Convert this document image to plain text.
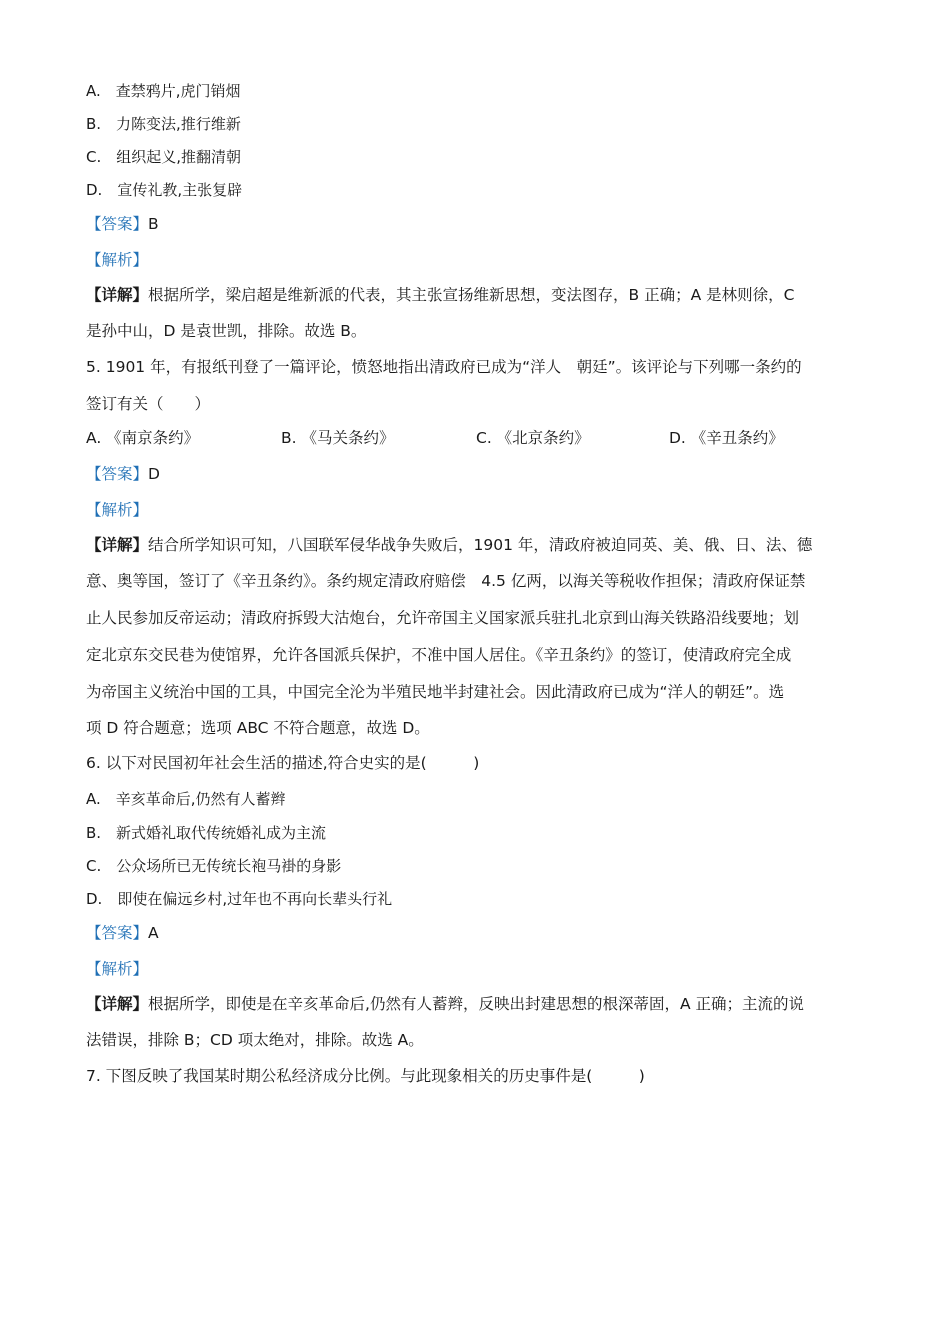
A.　查禁鸦片,虎门销烟
B.　力陈变法,推行维新
C.　组织起义,推翻清朝
D.　宣传礼教,主张复辟
【答案】B
【解析】
【详解】根据所学，梁启超是维新派的代表，其主张宣扬维新思想，变法图存，B 正确；A 是林则徐，C
是孙中山，D 是袁世凯，排除。故选 B。
5. 1901 年，有报纸刊登了一篇评论，愤怒地指出清政府已成为“洋人　朝廷”。该评论与下列哪一条约的
签订有关（　　）
A. 《南京条约》	B. 《马关条约》	C. 《北京条约》	D. 《辛丑条约》
【答案】D
【解析】
【详解】结合所学知识可知，八国联军侵华战争失败后，1901 年，清政府被迫同英、美、俄、日、法、德
意、奥等国，签订了《辛丑条约》。条约规定清政府赔偿　4.5 亿两，以海关等税收作担保；清政府保证禁
止人民参加反帝运动；清政府拆毁大沽炮台，允许帝国主义国家派兵驻扎北京到山海关铁路沿线要地；划
定北京东交民巷为使馆界，允许各国派兵保护，不准中国人居住。《辛丑条约》的签订，使清政府完全成
为帝国主义统治中国的工具，中国完全沦为半殖民地半封建社会。因此清政府已成为“洋人的朝廷”。选
项 D 符合题意；选项 ABC 不符合题意，故选 D。
6. 以下对民国初年社会生活的描述,符合史实的是(　　　)
A.　辛亥革命后,仍然有人蓄辫
B.　新式婚礼取代传统婚礼成为主流
C.　公众场所已无传统长袍马褂的身影
D.　即使在偏远乡村,过年也不再向长辈头行礼
【答案】A
【解析】
【详解】根据所学，即使是在辛亥革命后,仍然有人蓄辫，反映出封建思想的根深蒂固，A 正确；主流的说
法错误，排除 B；CD 项太绝对，排除。故选 A。
7. 下图反映了我国某时期公私经济成分比例。与此现象相关的历史事件是(　　　)
